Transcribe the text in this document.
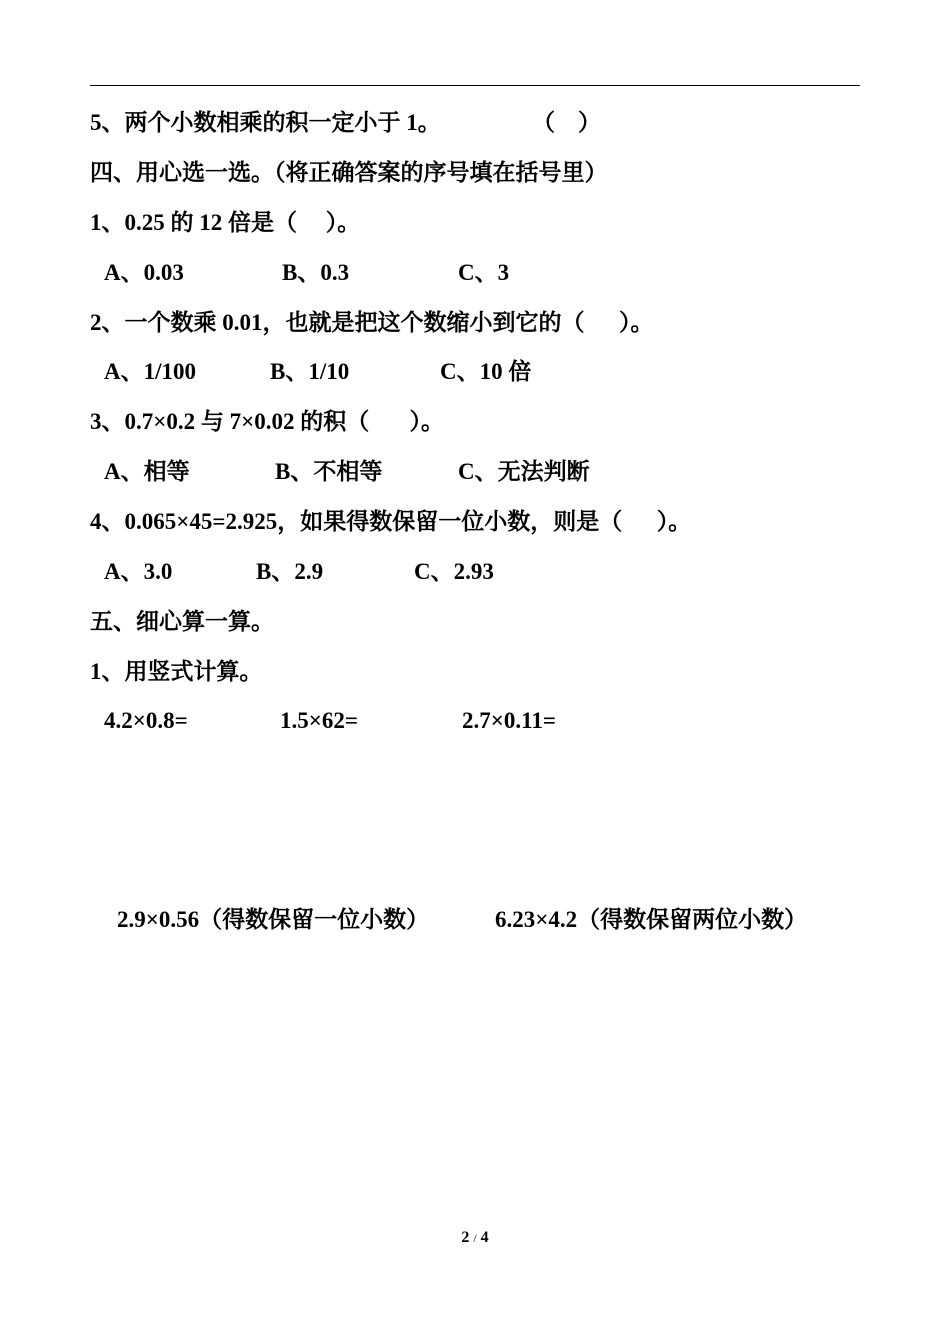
5、两个小数相乘的积一定小于 1。	（    ）
四、用心选一选。（将正确答案的序号填在括号里）
1、0.25 的 12 倍是（     ）。
A、0.03	B、0.3	C、3
2、一个数乘 0.01，也就是把这个数缩小到它的（      ）。
A、1/100	B、1/10	C、10 倍
3、0.7×0.2 与 7×0.02 的积（       ）。
A、相等	B、不相等	C、无法判断
4、0.065×45=2.925，如果得数保留一位小数，则是（      ）。
A、3.0	B、2.9	C、2.93
五、细心算一算。
1、用竖式计算。
4.2×0.8=	1.5×62=	2.7×0.11=
2.9×0.56（得数保留一位小数）	6.23×4.2（得数保留两位小数）
2 / 4
